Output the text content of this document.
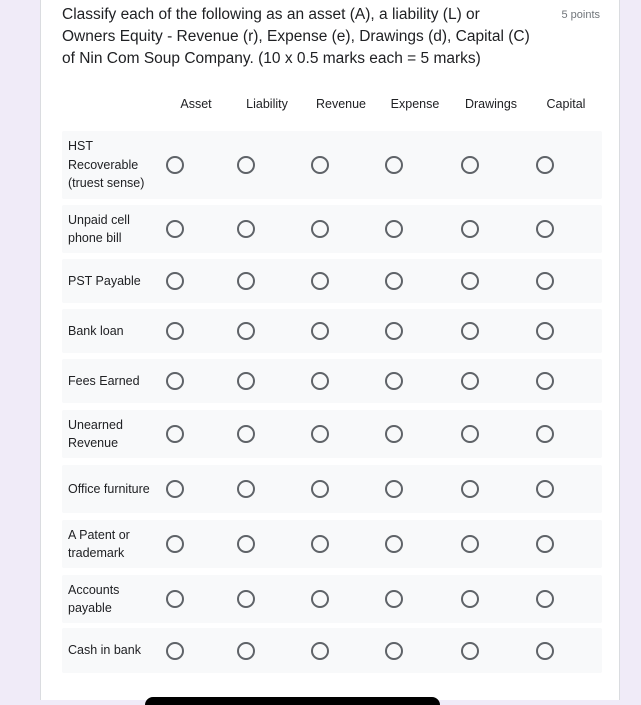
Classify each of the following as an asset (A), a liability (L) or Owners Equity - Revenue (r), Expense (e), Drawings (d), Capital (C) of Nin Com Soup Company. (10 x 0.5 marks each = 5 marks)
5 points
Asset	Liability	Revenue	Expense	Drawings	Capital
HST Recoverable (truest sense)
Unpaid cell phone bill
PST Payable
Bank loan
Fees Earned
Unearned Revenue
Office furniture
A Patent or trademark
Accounts payable
Cash in bank
